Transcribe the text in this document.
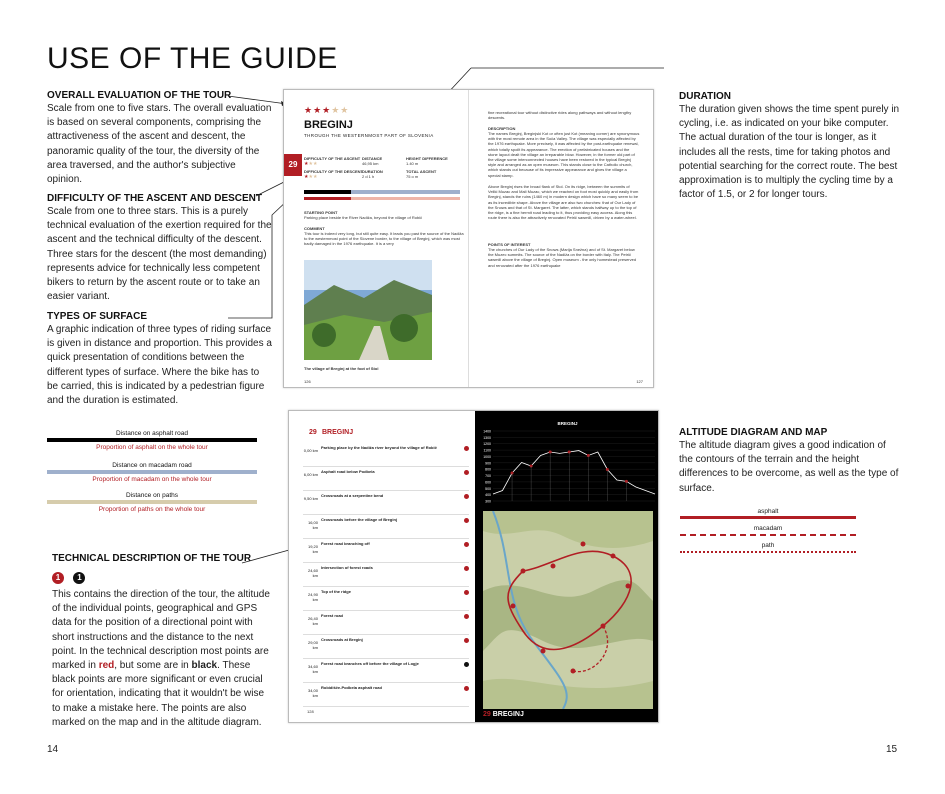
USE OF THE GUIDE
OVERALL EVALUATION OF THE TOUR

Scale from one to five stars. The overall evaluation is based on several components, comprising the attractiveness of the ascent and descent, the panoramic quality of the tour, the diversity of the area traversed, and the author's subjective opinion.

DIFFICULTY OF THE ASCENT AND DESCENT

Scale from one to three stars. This is a purely technical evaluation of the exertion required for the ascent and the technical difficulty of the descent. Three stars for the descent (the most demanding) represents advice for technically less competent bikers to return by the ascent route or to take an easier variant.

TYPES OF SURFACE

A graphic indication of three types of riding surface is given in distance and proportion. This provides a quick presentation of conditions between the different types of surface. Where the bike has to be carried, this is indicated by a pedestrian figure and the duration is estimated.

Distance on asphalt road
Proportion of asphalt on the whole tour
Distance on macadam road
Proportion of macadam on the whole tour
Distance on paths
Proportion of paths on the whole tour
TECHNICAL DESCRIPTION OF THE TOUR
1 1

This contains the direction of the tour, the altitude of the individual points, geographical and GPS data for the position of a directional point with short instructions and the distance to the next point. In the technical description most points are marked in red, but some are in black. These black points are more significant or even crucial for orientation, indicating that it wouldn't be wise to make a mistake here. The points are also marked on the map and in the altitude diagram.

DURATION

The duration given shows the time spent purely in cycling, i.e. as indicated on your bike computer. The actual duration of the tour is longer, as it includes all the rests, time for taking photos and potential searching for the correct route. The best approximation is to multiply the cycling time by a factor of 1.5, or 2 for longer tours.

ALTITUDE DIAGRAM AND MAP

The altitude diagram gives a good indication of the contours of the terrain and the height differences to be overcome, as well as the type of surface.

asphalt
macadam
path
★★★★★
BREGINJ
THROUGH THE WESTERNMOST PART OF SLOVENIA
29
DIFFICULTY OF THE ASCENT
★★★
DIFFICULTY OF THE DESCENT
★★★
DISTANCE
46,95 km
DURATION
2 d 1 h
HEIGHT DIFFERENCE
1.40 m
TOTAL ASCENT
75 o m
STARTING POINT
Parking place beside the River Nadiža, beyond the village of Robič
COMMENT
This tour is indeed very long, but still quite easy. It leads you past the source of the Nadiža to the westernmost point of the Slovene border, to the village of Breginj, which was most badly damaged in the 1976 earthquake. It is a very
The village of Breginj at the foot of Stol
126
fine recreational tour without distinctive rides along pathways and without lengthy descents.
DESCRIPTION
The names Breginj, Breginjski Kot or often just Kot (meaning corner) are synonymous with the most remote area in the Soča Valley. The village was especially affected by the 1976 earthquake. More precisely, it was affected by the post-earthquake renewal, which totally spoilt its appearance. The erection of prefabricated houses and the stone layout dealt the village an irreparable blow. However, in the former old part of the village some interconnected houses have been restored in the typical Breginj style and arranged as an open museum. This stands close to the Catholic church, which stands out because of its impressive appearance and gives the village a special stamp.
Above Breginj rises the broad flank of Stol. On its ridge, between the summits of Veliki Muzac and Mali Muzac, which we reached on foot most quickly and easily from Breginj, stands the ruins (1460 m) in modern design which have so many seem to be as its incredible shape. Above the village are also two churches: that of Our Lady of the Snows and that of St. Margaret. The latter, which stands halfway up to the top of the ridge, is a fine hermit road leading to it, thus providing easy access. Along this route there is also the attractively renovated Petrič sawmill, driven by a water-wheel.
POINTS OF INTEREST
The churches of Our Lady of the Snows (Marija Snežna) and of St. Margaret below the Muzec summits. The source of the Nadiža on the border with Italy. The Petrič sawmill above the village of Breginj. Open museum - the only homestead preserved and renovated after the 1976 earthquake
127
29 BREGINJ
0,00 km
Parking place by the Nadiža river beyond the village of Robič
6,00 km
Asphalt road below Podbela
9,50 km
Crossroads at a serpentine bend
16,00 km
Crossroads before the village of Breginj
19,20 km
Forest road branching off
24,60 km
Intersection of forest roads
24,90 km
Top of the ridge
26,40 km
Forest road
29,00 km
Crossroads at Breginj
34,60 km
Forest road branches off before the village of Logje
34,00 km
Robidišče-Podbela asphalt road
128
BREGINJ
1400
1300
1200
1100
1000
900
800
700
600
500
400
300
29 BREGINJ
14	15
